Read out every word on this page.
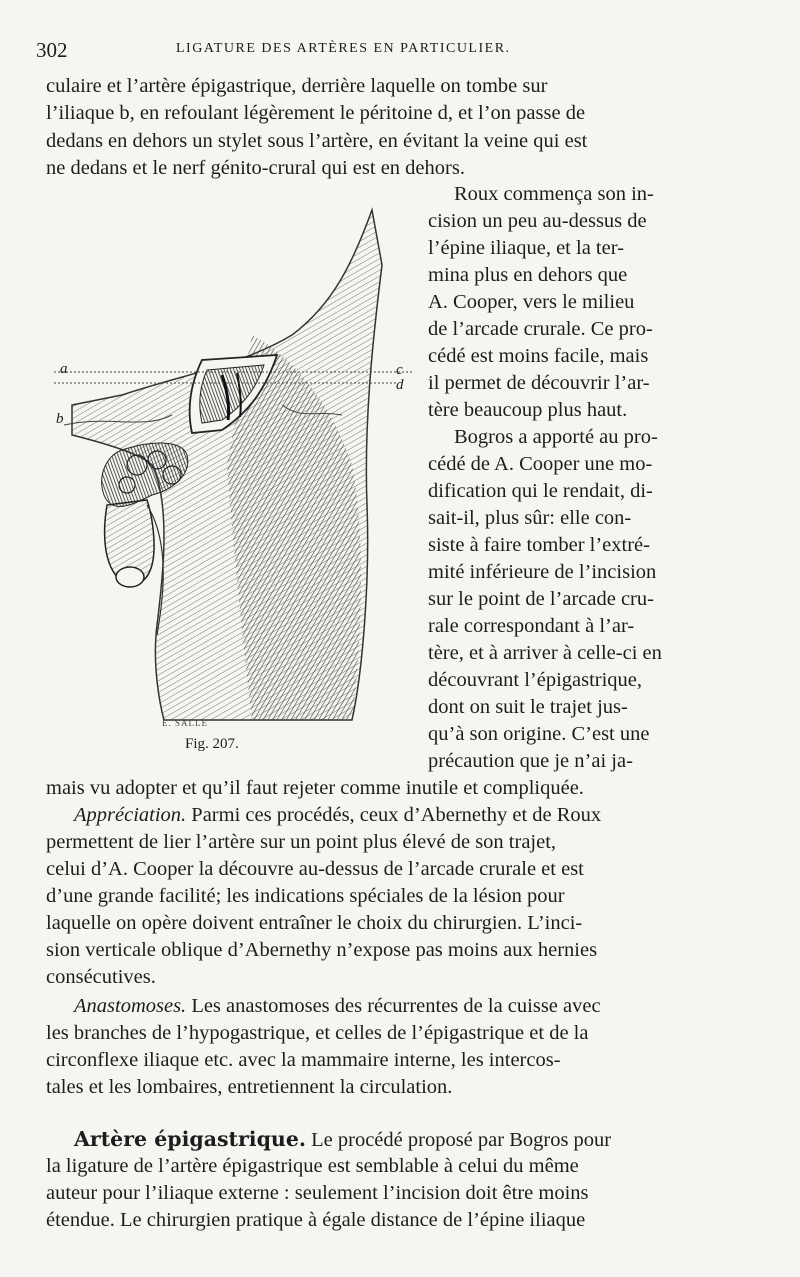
302	LIGATURE DES ARTÈRES EN PARTICULIER.
culaire et l’artère épigastrique, derrière laquelle on tombe sur
l’iliaque b, en refoulant légèrement le péritoine d, et l’on passe de
dedans en dehors un stylet sous l’artère, en évitant la veine qui est
ne dedans et le nerf génito-crural qui est en dehors.
Roux commença son in-
cision un peu au-dessus de
l’épine iliaque, et la ter-
mina plus en dehors que
A. Cooper, vers le milieu
de l’arcade crurale. Ce pro-
cédé est moins facile, mais
il permet de découvrir l’ar-
tère beaucoup plus haut.
Bogros a apporté au pro-
cédé de A. Cooper une mo-
dification qui le rendait, di-
sait-il, plus sûr: elle con-
siste à faire tomber l’extré-
mité inférieure de l’incision
sur le point de l’arcade cru-
rale correspondant à l’ar-
tère, et à arriver à celle-ci en
découvrant l’épigastrique,
dont on suit le trajet jus-
qu’à son origine. C’est une
précaution que je n’ai ja-
a
b
c
d
E. SALLE
Fig. 207.
mais vu adopter et qu’il faut rejeter comme inutile et compliquée.
Appréciation. Parmi ces procédés, ceux d’Abernethy et de Roux
permettent de lier l’artère sur un point plus élevé de son trajet,
celui d’A. Cooper la découvre au-dessus de l’arcade crurale et est
d’une grande facilité; les indications spéciales de la lésion pour
laquelle on opère doivent entraîner le choix du chirurgien. L’inci-
sion verticale oblique d’Abernethy n’expose pas moins aux hernies
consécutives.
Anastomoses. Les anastomoses des récurrentes de la cuisse avec
les branches de l’hypogastrique, et celles de l’épigastrique et de la
circonflexe iliaque etc. avec la mammaire interne, les intercos-
tales et les lombaires, entretiennent la circulation.
Artère épigastrique. Le procédé proposé par Bogros pour
la ligature de l’artère épigastrique est semblable à celui du même
auteur pour l’iliaque externe : seulement l’incision doit être moins
étendue. Le chirurgien pratique à égale distance de l’épine iliaque
